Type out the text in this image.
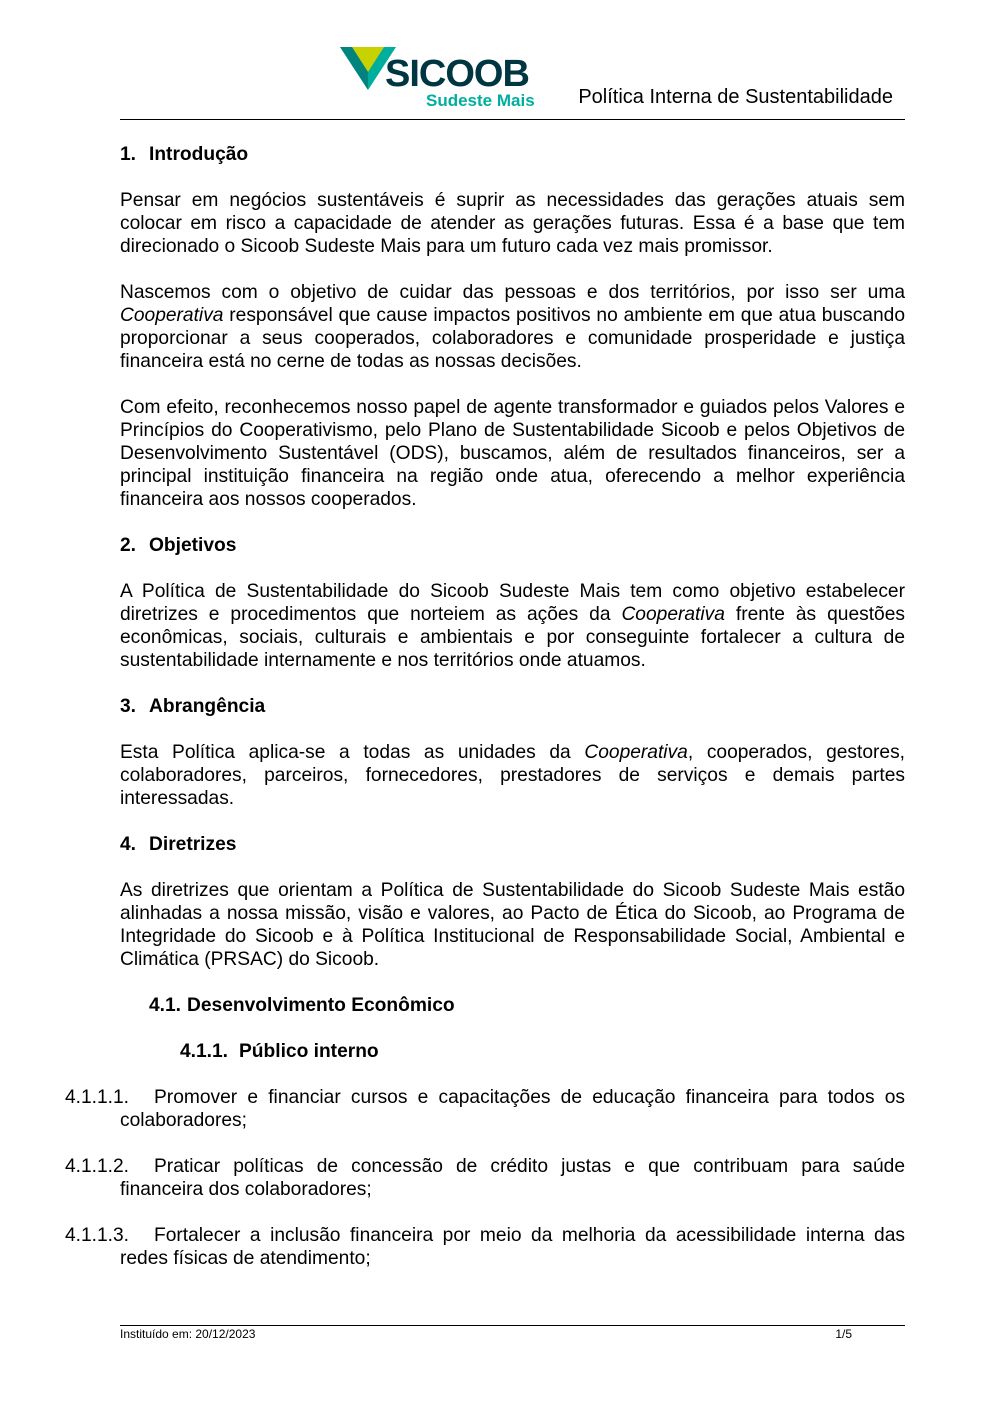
SICOOB
Sudeste Mais	Política Interna de Sustentabilidade
1. Introdução

Pensar em negócios sustentáveis é suprir as necessidades das gerações atuais sem colocar em risco a capacidade de atender as gerações futuras. Essa é a base que tem direcionado o Sicoob Sudeste Mais para um futuro cada vez mais promissor.

Nascemos com o objetivo de cuidar das pessoas e dos territórios, por isso ser uma Cooperativa responsável que cause impactos positivos no ambiente em que atua buscando proporcionar a seus cooperados, colaboradores e comunidade prosperidade e justiça financeira está no cerne de todas as nossas decisões.

Com efeito, reconhecemos nosso papel de agente transformador e guiados pelos Valores e Princípios do Cooperativismo, pelo Plano de Sustentabilidade Sicoob e pelos Objetivos de Desenvolvimento Sustentável (ODS), buscamos, além de resultados financeiros, ser a principal instituição financeira na região onde atua, oferecendo a melhor experiência financeira aos nossos cooperados.

2. Objetivos

A Política de Sustentabilidade do Sicoob Sudeste Mais tem como objetivo estabelecer diretrizes e procedimentos que norteiem as ações da Cooperativa frente às questões econômicas, sociais, culturais e ambientais e por conseguinte fortalecer a cultura de sustentabilidade internamente e nos territórios onde atuamos.

3. Abrangência

Esta Política aplica-se a todas as unidades da Cooperativa, cooperados, gestores, colaboradores, parceiros, fornecedores, prestadores de serviços e demais partes interessadas.

4. Diretrizes

As diretrizes que orientam a Política de Sustentabilidade do Sicoob Sudeste Mais estão alinhadas a nossa missão, visão e valores, ao Pacto de Ética do Sicoob, ao Programa de Integridade do Sicoob e à Política Institucional de Responsabilidade Social, Ambiental e Climática (PRSAC) do Sicoob.

4.1. Desenvolvimento Econômico
4.1.1. Público interno

4.1.1.1. Promover e financiar cursos e capacitações de educação financeira para todos os colaboradores;

4.1.1.2. Praticar políticas de concessão de crédito justas e que contribuam para saúde financeira dos colaboradores;

4.1.1.3. Fortalecer a inclusão financeira por meio da melhoria da acessibilidade interna das redes físicas de atendimento;

Instituído em: 20/12/2023	1/5
